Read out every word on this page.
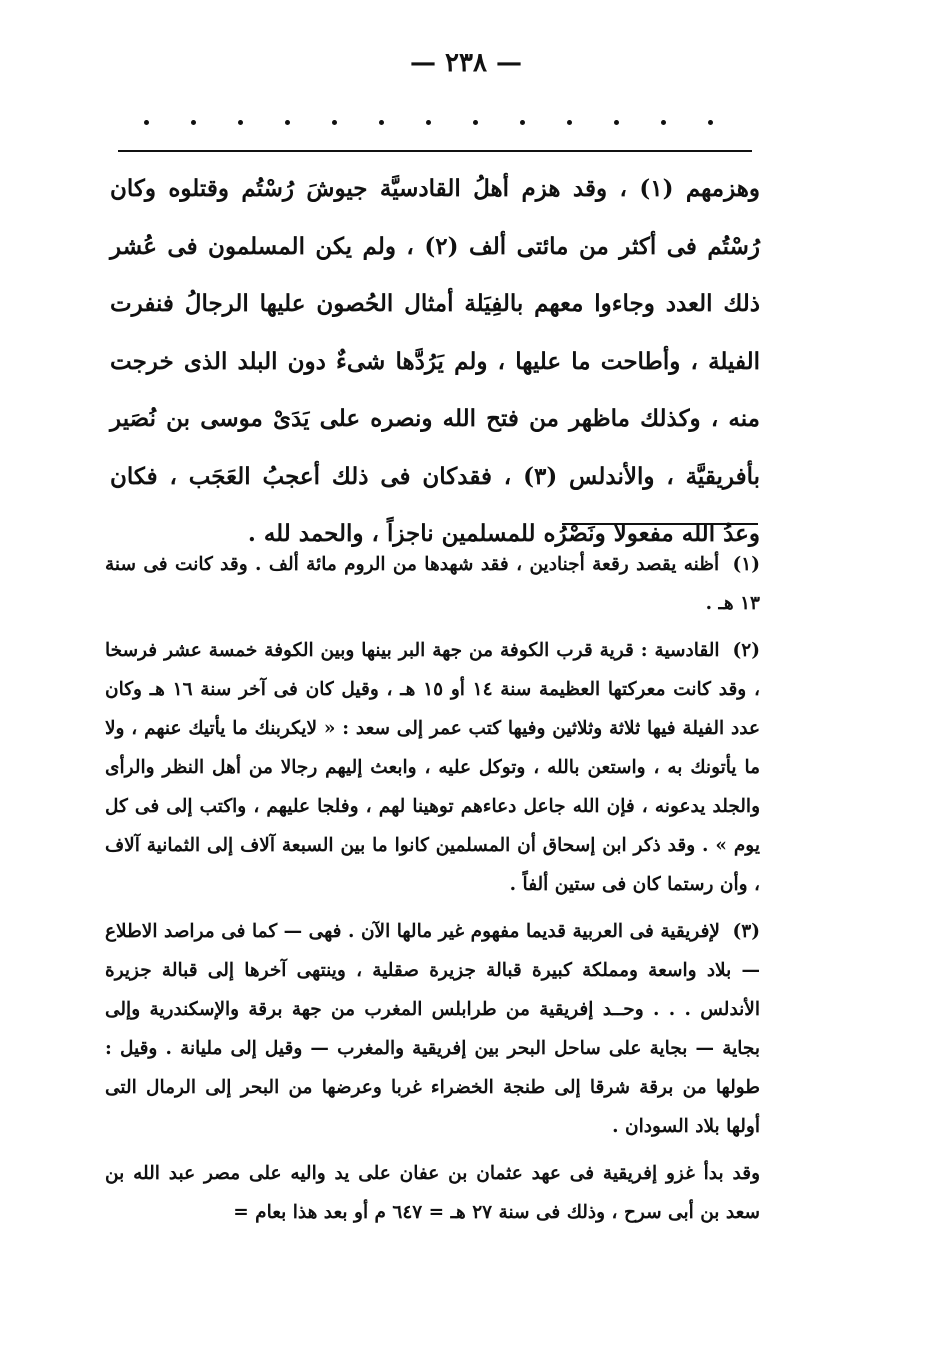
— ٢٣٨ —
وهزمهم (١) ، وقد هزم أهلُ القادسيَّة جيوشَ رُسْتُم وقتلوه وكان رُسْتُم فى أكثر من مائتى ألف (٢) ، ولم يكن المسلمون فى عُشر ذلك العدد وجاءوا معهم بالفِيَلة أمثال الحُصون عليها الرجالُ فنفرت الفيلة ، وأطاحت ما عليها ، ولم يَرُدَّها شىءٌ دون البلد الذى خرجت منه ، وكذلك ماظهر من فتح الله ونصره على يَدَىْ موسى بن نُصَير بأفريقيَّة ، والأندلس (٣) ، فقدكان فى ذلك أعجبُ العَجَب ، فكان وعدُ الله مفعولا ونَصْرُه للمسلمين ناجزاً ، والحمد لله .

(١) أظنه يقصد رقعة أجنادين ، فقد شهدها من الروم مائة ألف . وقد كانت فى سنة ١٣ هـ .

(٢) القادسية : قرية قرب الكوفة من جهة البر بينها وبين الكوفة خمسة عشر فرسخا ، وقد كانت معركتها العظيمة سنة ١٤ أو ١٥ هـ ، وقيل كان فى آخر سنة ١٦ هـ وكان عدد الفيلة فيها ثلاثة وثلاثين وفيها كتب عمر إلى سعد : « لايكربنك ما يأتيك عنهم ، ولا ما يأتونك به ، واستعن بالله ، وتوكل عليه ، وابعث إليهم رجالا من أهل النظر والرأى والجلد يدعونه ، فإن الله جاعل دعاءهم توهينا لهم ، وفلجا عليهم ، واكتب إلى فى كل يوم » . وقد ذكر ابن إسحاق أن المسلمين كانوا ما بين السبعة آلاف إلى الثمانية آلاف ، وأن رستما كان فى ستين ألفاً .

(٣) لإفريقية فى العربية قديما مفهوم غير مالها الآن . فهى — كما فى مراصد الاطلاع — بلاد واسعة ومملكة كبيرة قبالة جزيرة صقلية ، وينتهى آخرها إلى قبالة جزيرة الأندلس . . . وحــد إفريقية من طرابلس المغرب من جهة برقة والإسكندرية وإلى بجاية — بجاية على ساحل البحر بين إفريقية والمغرب — وقيل إلى مليانة . وقيل : طولها من برقة شرقا إلى طنجة الخضراء غربا وعرضها من البحر إلى الرمال التى أولها بلاد السودان .

وقد بدأ غزو إفريقية فى عهد عثمان بن عفان على يد واليه على مصر عبد الله بن سعد بن أبى سرح ، وذلك فى سنة ٢٧ هـ = ٦٤٧ م أو بعد هذا بعام =
